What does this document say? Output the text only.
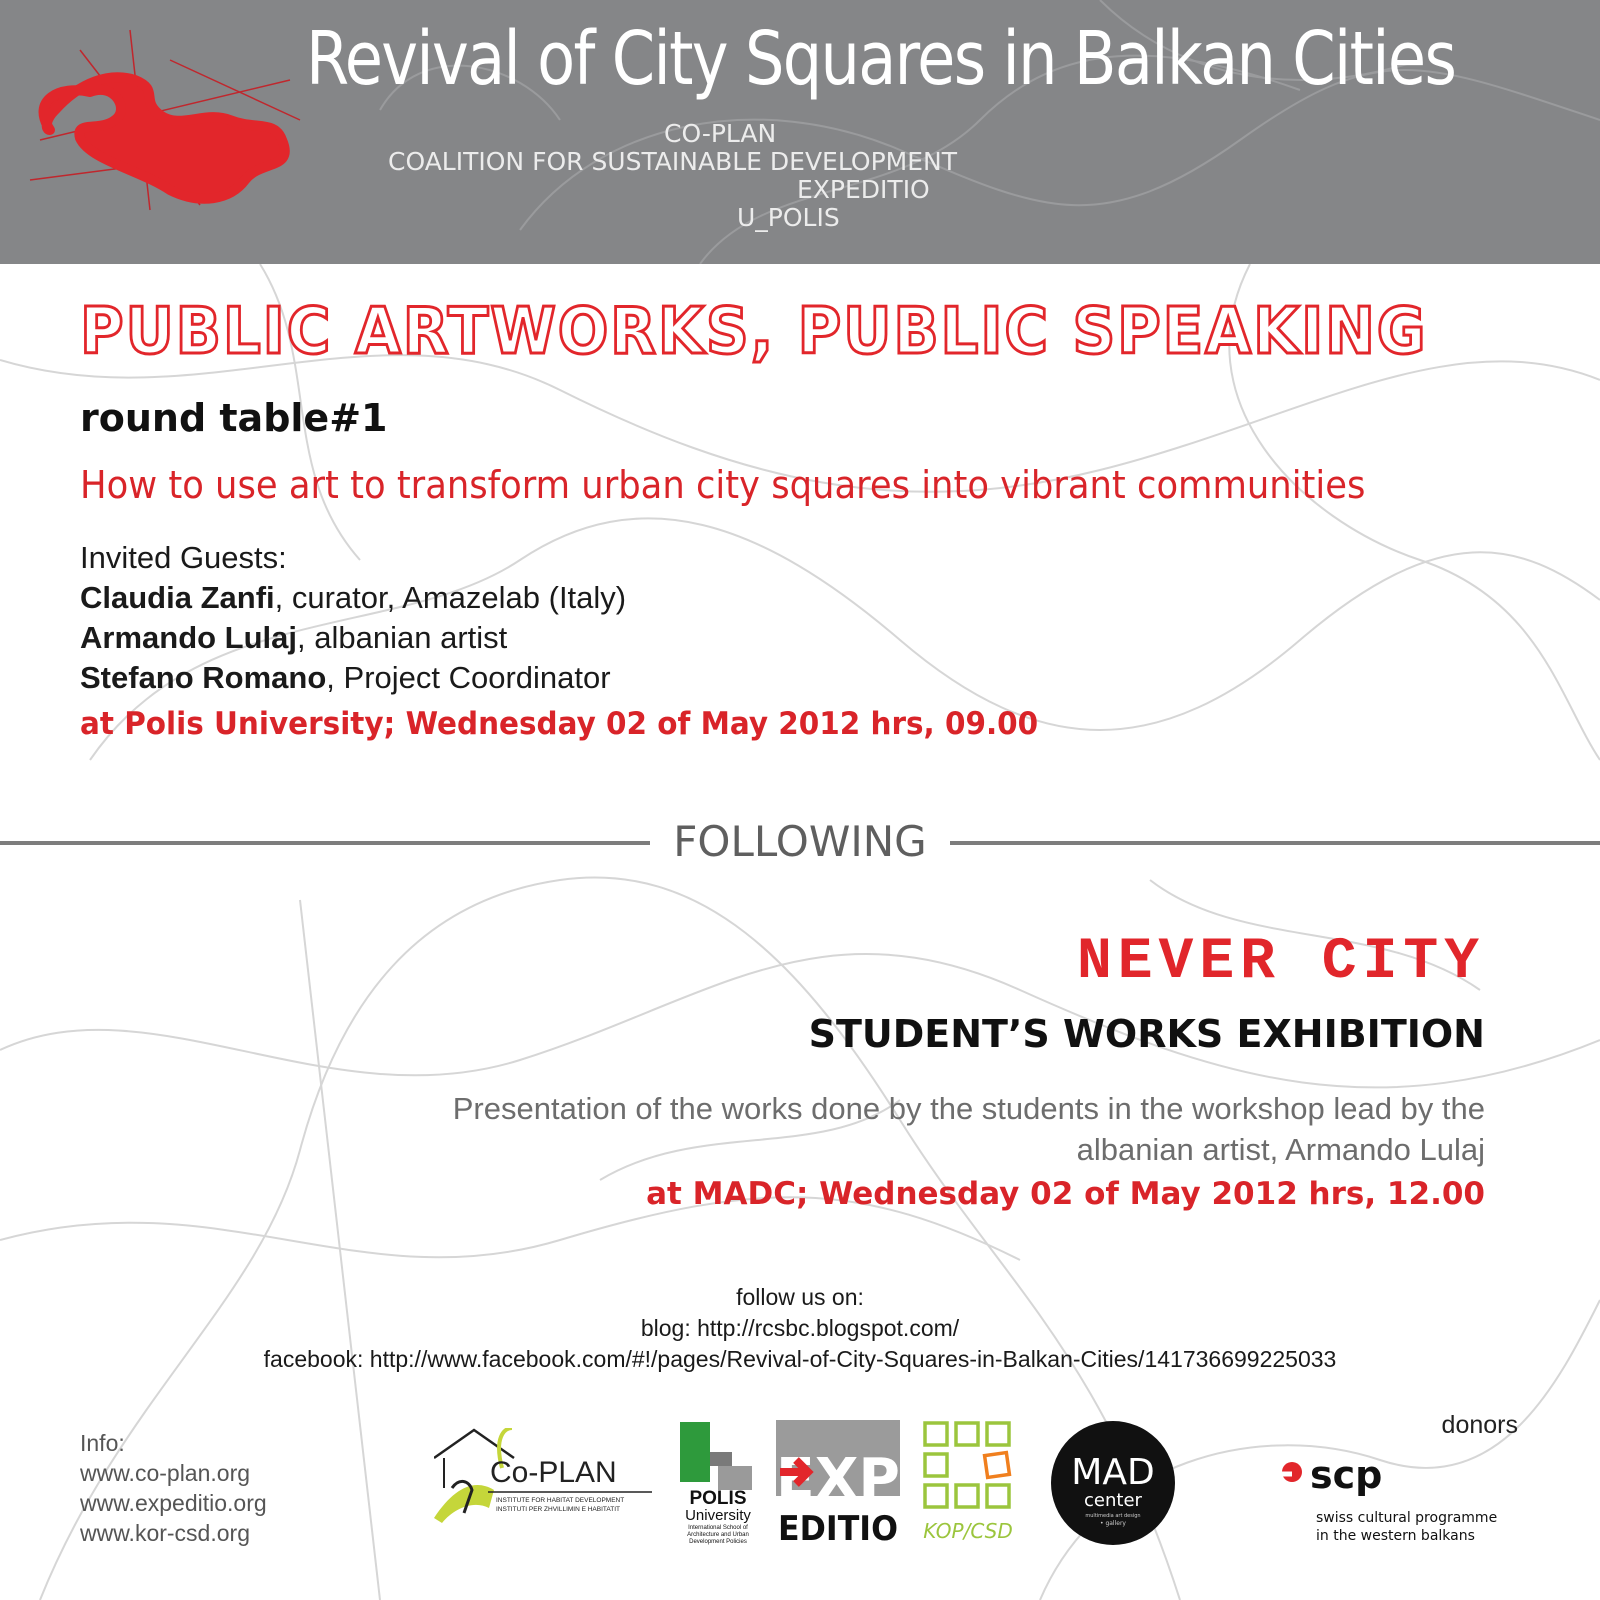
Revival of City Squares in Balkan Cities
CO-PLAN
COALITION FOR SUSTAINABLE DEVELOPMENT
EXPEDITIO
U_POLIS
PUBLIC ARTWORKS, PUBLIC SPEAKING
round table#1

How to use art to transform urban city squares into vibrant communities

Invited Guests:
Claudia Zanfi, curator, Amazelab (Italy)
Armando Lulaj, albanian artist
Stefano Romano, Project Coordinator

at Polis University; Wednesday 02 of May 2012 hrs, 09.00

FOLLOWING
NEVER CITY
STUDENT’S WORKS EXHIBITION
Presentation of the works done by the students in the workshop lead by the albanian artist, Armando Lulaj

at MADC; Wednesday 02 of May 2012 hrs, 12.00

follow us on:
blog: http://rcsbc.blogspot.com/
facebook: http://www.facebook.com/#!/pages/Revival-of-City-Squares-in-Balkan-Cities/141736699225033
Info:
www.co-plan.org
www.expeditio.org
www.kor-csd.org
Co-PLAN
INSTITUTE FOR HABITAT DEVELOPMENT
INSTITUTI PER ZHVILLIMIN E HABITATIT
POLIS
University
International School of
Architecture and Urban
Development Policies
EXP
EDITIO KOP/CSD
MAD
center
multimedia art design
• gallery
donors
scp
swiss cultural programme
in the western balkans
